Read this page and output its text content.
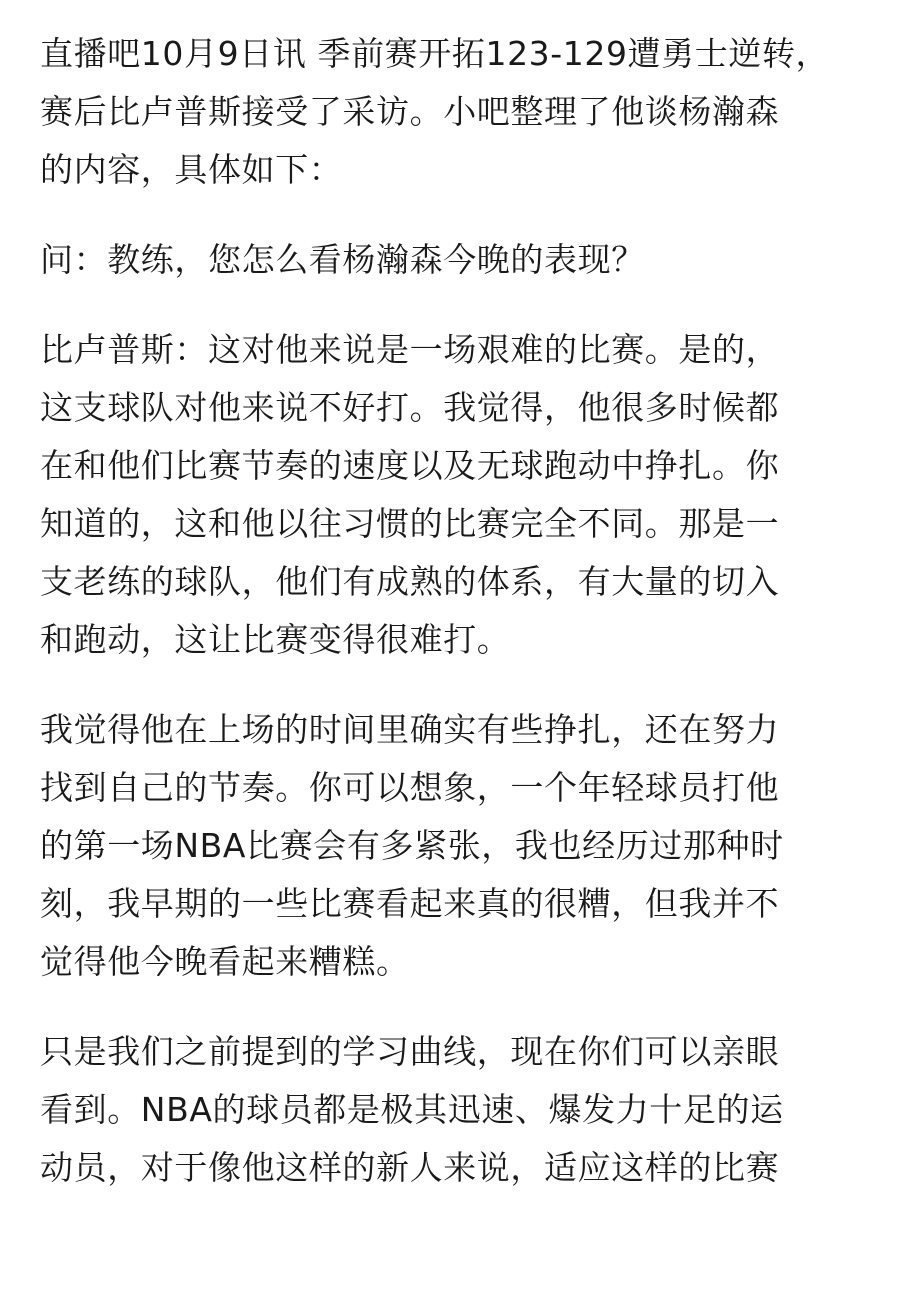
直播吧10月9日讯 季前赛开拓123-129遭勇士逆转，
赛后比卢普斯接受了采访。小吧整理了他谈杨瀚森
的内容，具体如下：
问：教练，您怎么看杨瀚森今晚的表现？
比卢普斯：这对他来说是一场艰难的比赛。是的，
这支球队对他来说不好打。我觉得，他很多时候都
在和他们比赛节奏的速度以及无球跑动中挣扎。你
知道的，这和他以往习惯的比赛完全不同。那是一
支老练的球队，他们有成熟的体系，有大量的切入
和跑动，这让比赛变得很难打。
我觉得他在上场的时间里确实有些挣扎，还在努力
找到自己的节奏。你可以想象，一个年轻球员打他
的第一场NBA比赛会有多紧张，我也经历过那种时
刻，我早期的一些比赛看起来真的很糟，但我并不
觉得他今晚看起来糟糕。
只是我们之前提到的学习曲线，现在你们可以亲眼
看到。NBA的球员都是极其迅速、爆发力十足的运
动员，对于像他这样的新人来说，适应这样的比赛
